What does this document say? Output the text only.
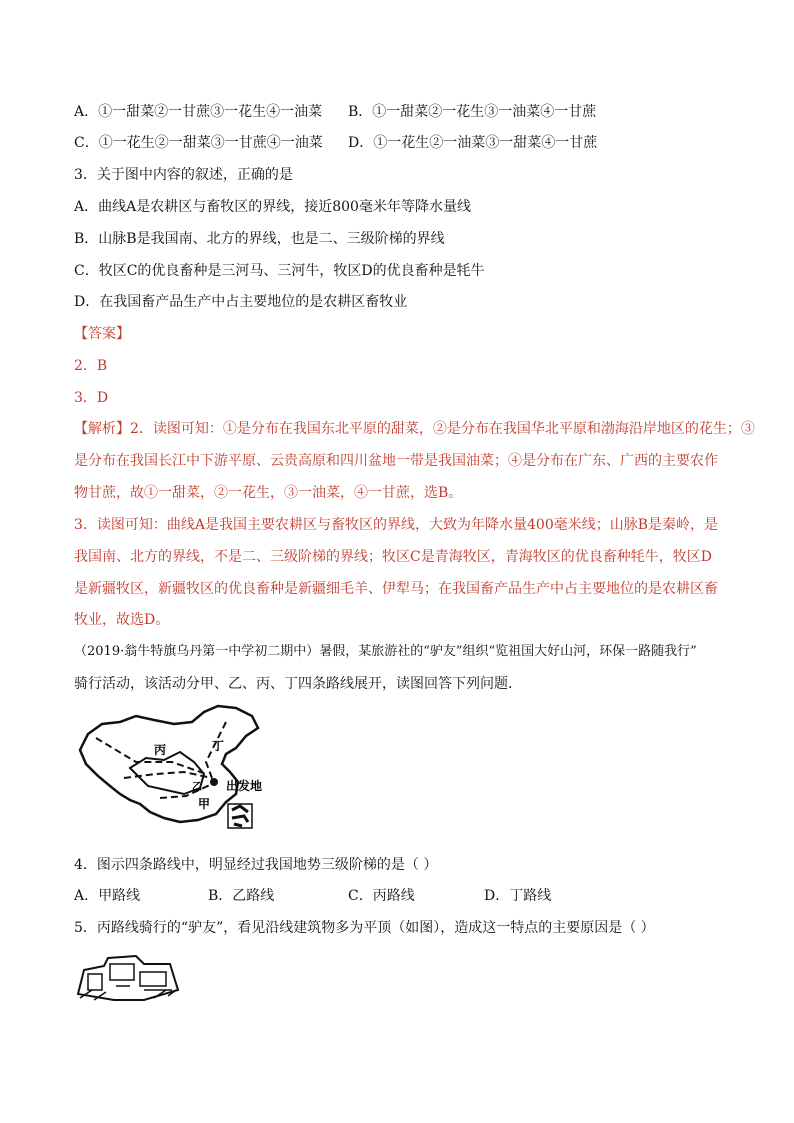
A．①一甜菜②一甘蔗③一花生④一油菜 B．①一甜菜②一花生③一油菜④一甘蔗
C．①一花生②一甜菜③一甘蔗④一油菜 D．①一花生②一油菜③一甜菜④一甘蔗
3．关于图中内容的叙述，正确的是
A．曲线A是农耕区与畜牧区的界线，接近800毫米年等降水量线
B．山脉B是我国南、北方的界线，也是二、三级阶梯的界线
C．牧区C的优良畜种是三河马、三河牛，牧区D的优良畜种是牦牛
D．在我国畜产品生产中占主要地位的是农耕区畜牧业
【答案】
2．B
3．D
【解析】2．读图可知：①是分布在我国东北平原的甜菜，②是分布在我国华北平原和渤海沿岸地区的花生；③
是分布在我国长江中下游平原、云贵高原和四川盆地一带是我国油菜；④是分布在广东、广西的主要农作
物甘蔗，故①一甜菜，②一花生，③一油菜，④一甘蔗，选B。
3．读图可知：曲线A是我国主要农耕区与畜牧区的界线，大致为年降水量400毫米线；山脉B是秦岭，是
我国南、北方的界线，不是二、三级阶梯的界线；牧区C是青海牧区，青海牧区的优良畜种牦牛，牧区D
是新疆牧区，新疆牧区的优良畜种是新疆细毛羊、伊犁马；在我国畜产品生产中占主要地位的是农耕区畜
牧业，故选D。
（2019·翁牛特旗乌丹第一中学初二期中）暑假，某旅游社的“驴友”组织“览祖国大好山河，环保一路随我行”
骑行活动，该活动分甲、乙、丙、丁四条路线展开，读图回答下列问题．
丙	丁
乙
甲
出发地
4．图示四条路线中，明显经过我国地势三级阶梯的是（ ）
A．甲路线	B．乙路线	C．丙路线	D．丁路线
5．丙路线骑行的“驴友”，看见沿线建筑物多为平顶（如图），造成这一特点的主要原因是（ ）
